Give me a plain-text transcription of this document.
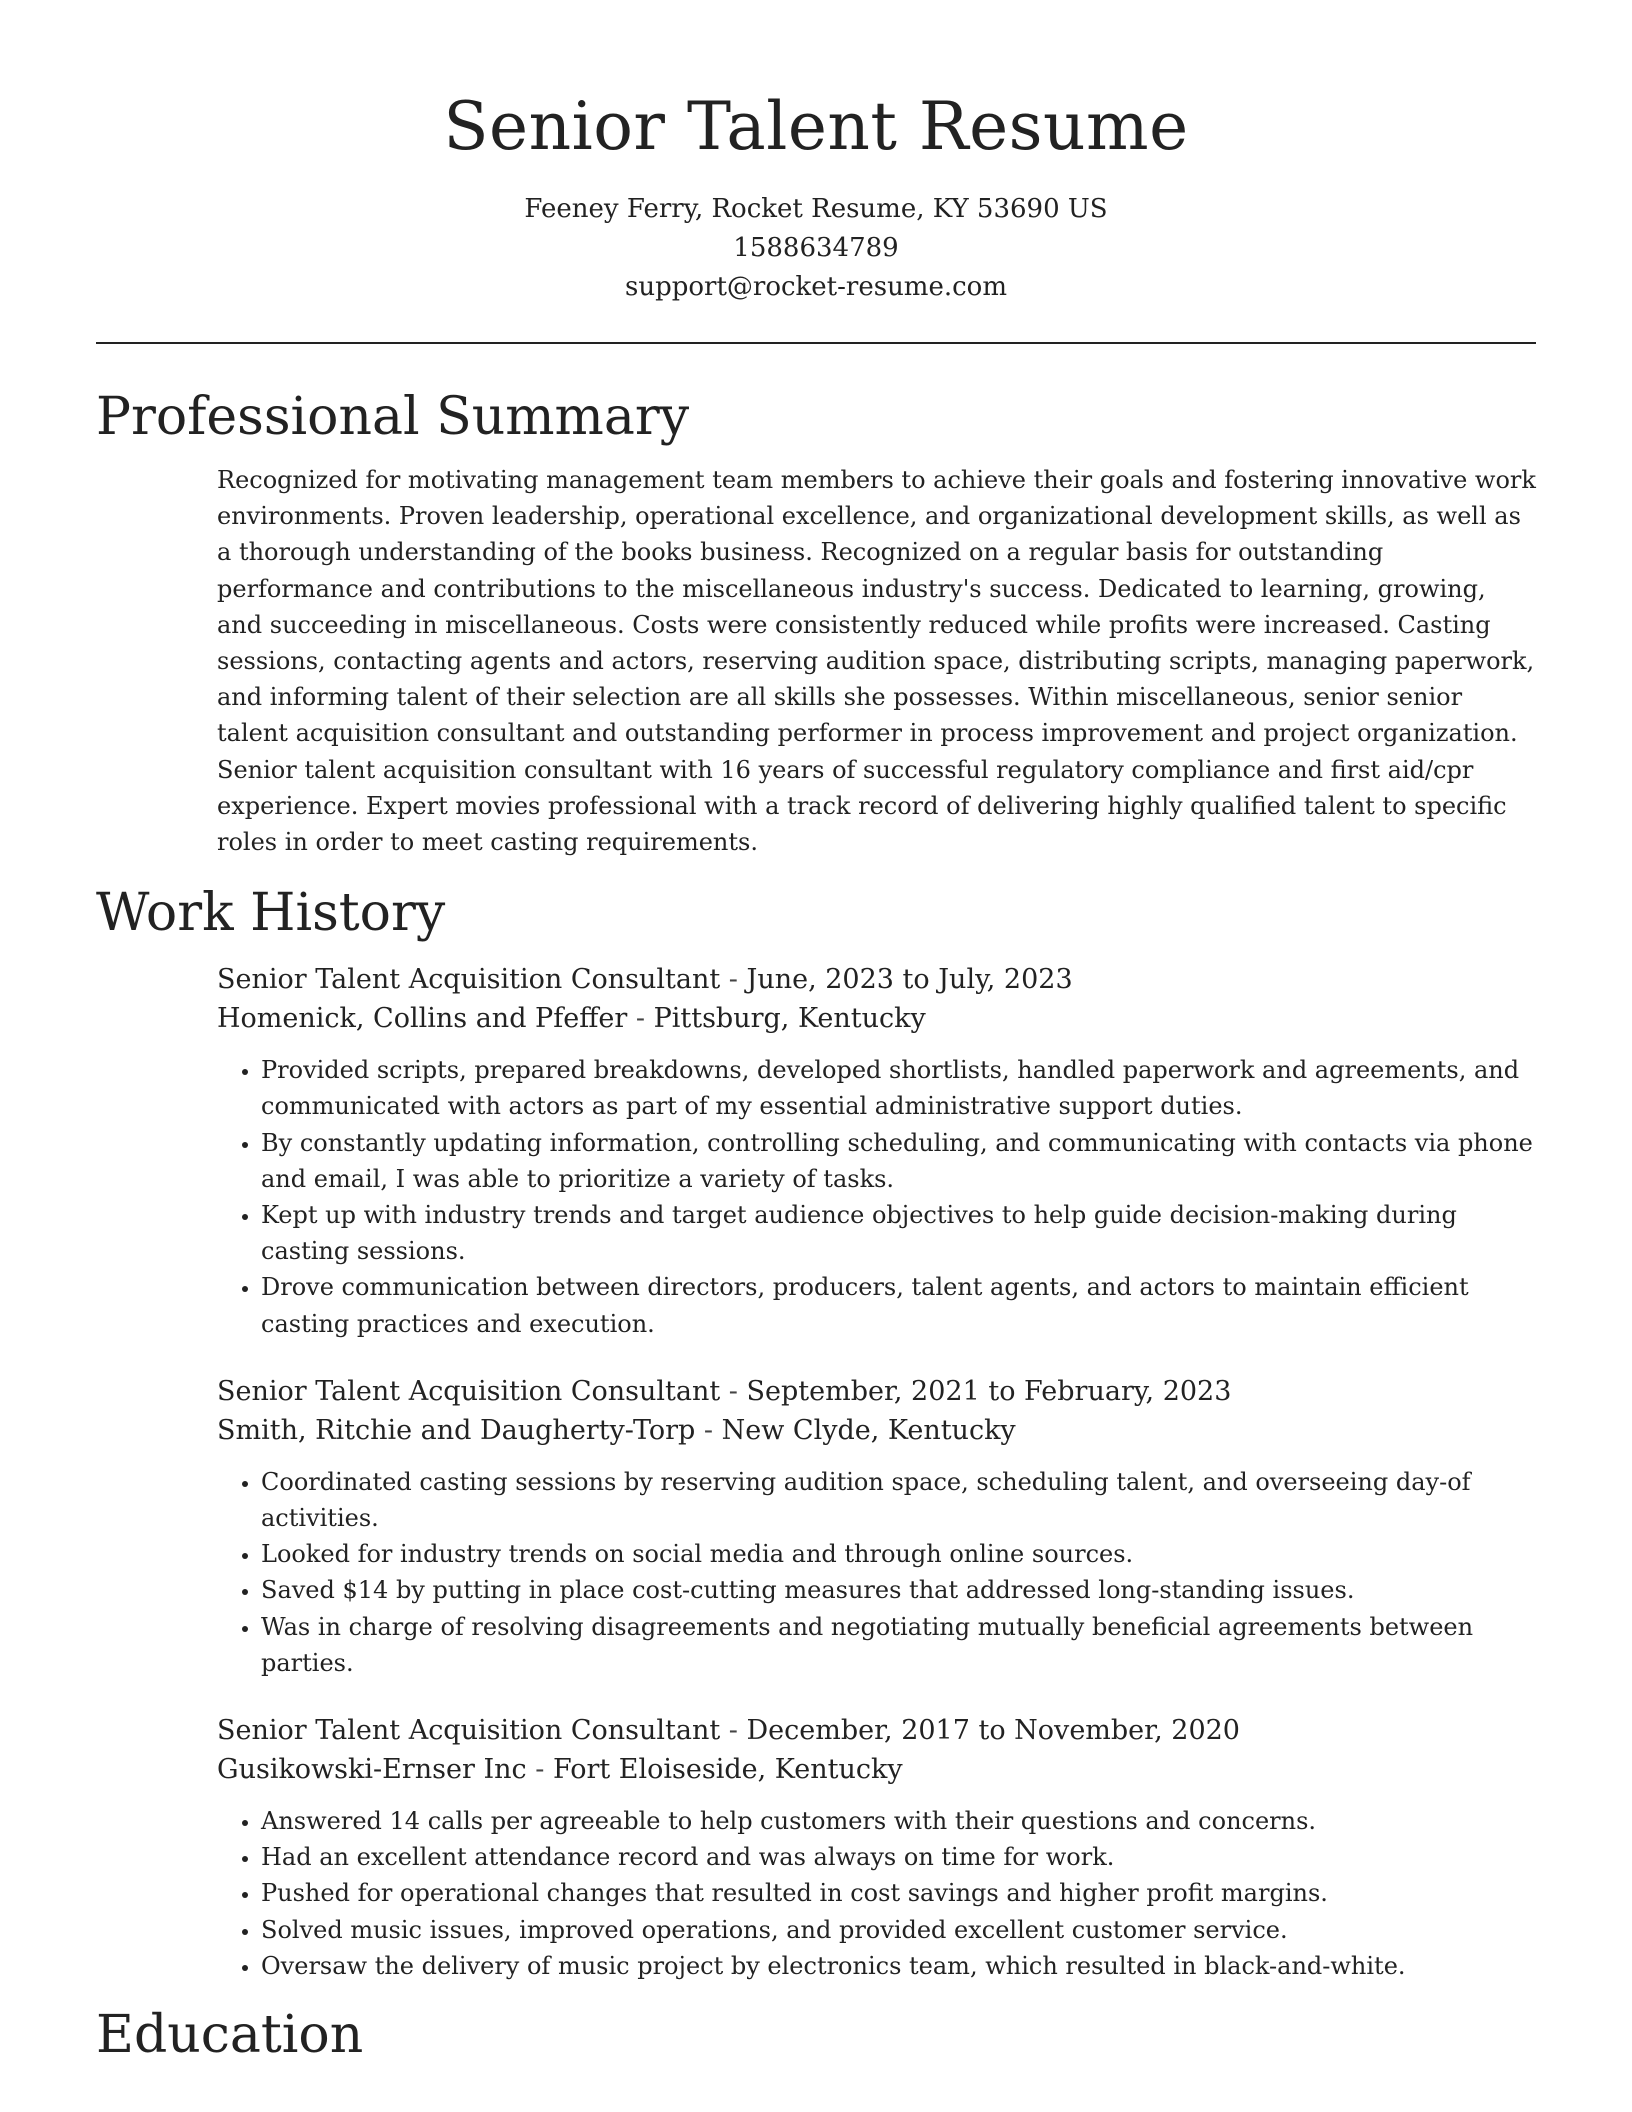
Senior Talent Resume

Feeney Ferry, Rocket Resume, KY 53690 US

1588634789

support@rocket-resume.com

Professional Summary

Recognized for motivating management team members to achieve their goals and fostering innovative work environments. Proven leadership, operational excellence, and organizational development skills, as well as a thorough understanding of the books business. Recognized on a regular basis for outstanding performance and contributions to the miscellaneous industry's success. Dedicated to learning, growing, and succeeding in miscellaneous. Costs were consistently reduced while profits were increased. Casting sessions, contacting agents and actors, reserving audition space, distributing scripts, managing paperwork, and informing talent of their selection are all skills she possesses. Within miscellaneous, senior senior talent acquisition consultant and outstanding performer in process improvement and project organization. Senior talent acquisition consultant with 16 years of successful regulatory compliance and first aid/cpr experience. Expert movies professional with a track record of delivering highly qualified talent to specific roles in order to meet casting requirements.

Work History

Senior Talent Acquisition Consultant - June, 2023 to July, 2023

Homenick, Collins and Pfeffer - Pittsburg, Kentucky

• Provided scripts, prepared breakdowns, developed shortlists, handled paperwork and agreements, and communicated with actors as part of my essential administrative support duties.
• By constantly updating information, controlling scheduling, and communicating with contacts via phone and email, I was able to prioritize a variety of tasks.
• Kept up with industry trends and target audience objectives to help guide decision-making during casting sessions.
• Drove communication between directors, producers, talent agents, and actors to maintain efficient casting practices and execution.

Senior Talent Acquisition Consultant - September, 2021 to February, 2023

Smith, Ritchie and Daugherty-Torp - New Clyde, Kentucky

• Coordinated casting sessions by reserving audition space, scheduling talent, and overseeing day-of activities.
• Looked for industry trends on social media and through online sources.
• Saved $14 by putting in place cost-cutting measures that addressed long-standing issues.
• Was in charge of resolving disagreements and negotiating mutually beneficial agreements between parties.

Senior Talent Acquisition Consultant - December, 2017 to November, 2020

Gusikowski-Ernser Inc - Fort Eloiseside, Kentucky

• Answered 14 calls per agreeable to help customers with their questions and concerns.
• Had an excellent attendance record and was always on time for work.
• Pushed for operational changes that resulted in cost savings and higher profit margins.
• Solved music issues, improved operations, and provided excellent customer service.
• Oversaw the delivery of music project by electronics team, which resulted in black-and-white.
Education
